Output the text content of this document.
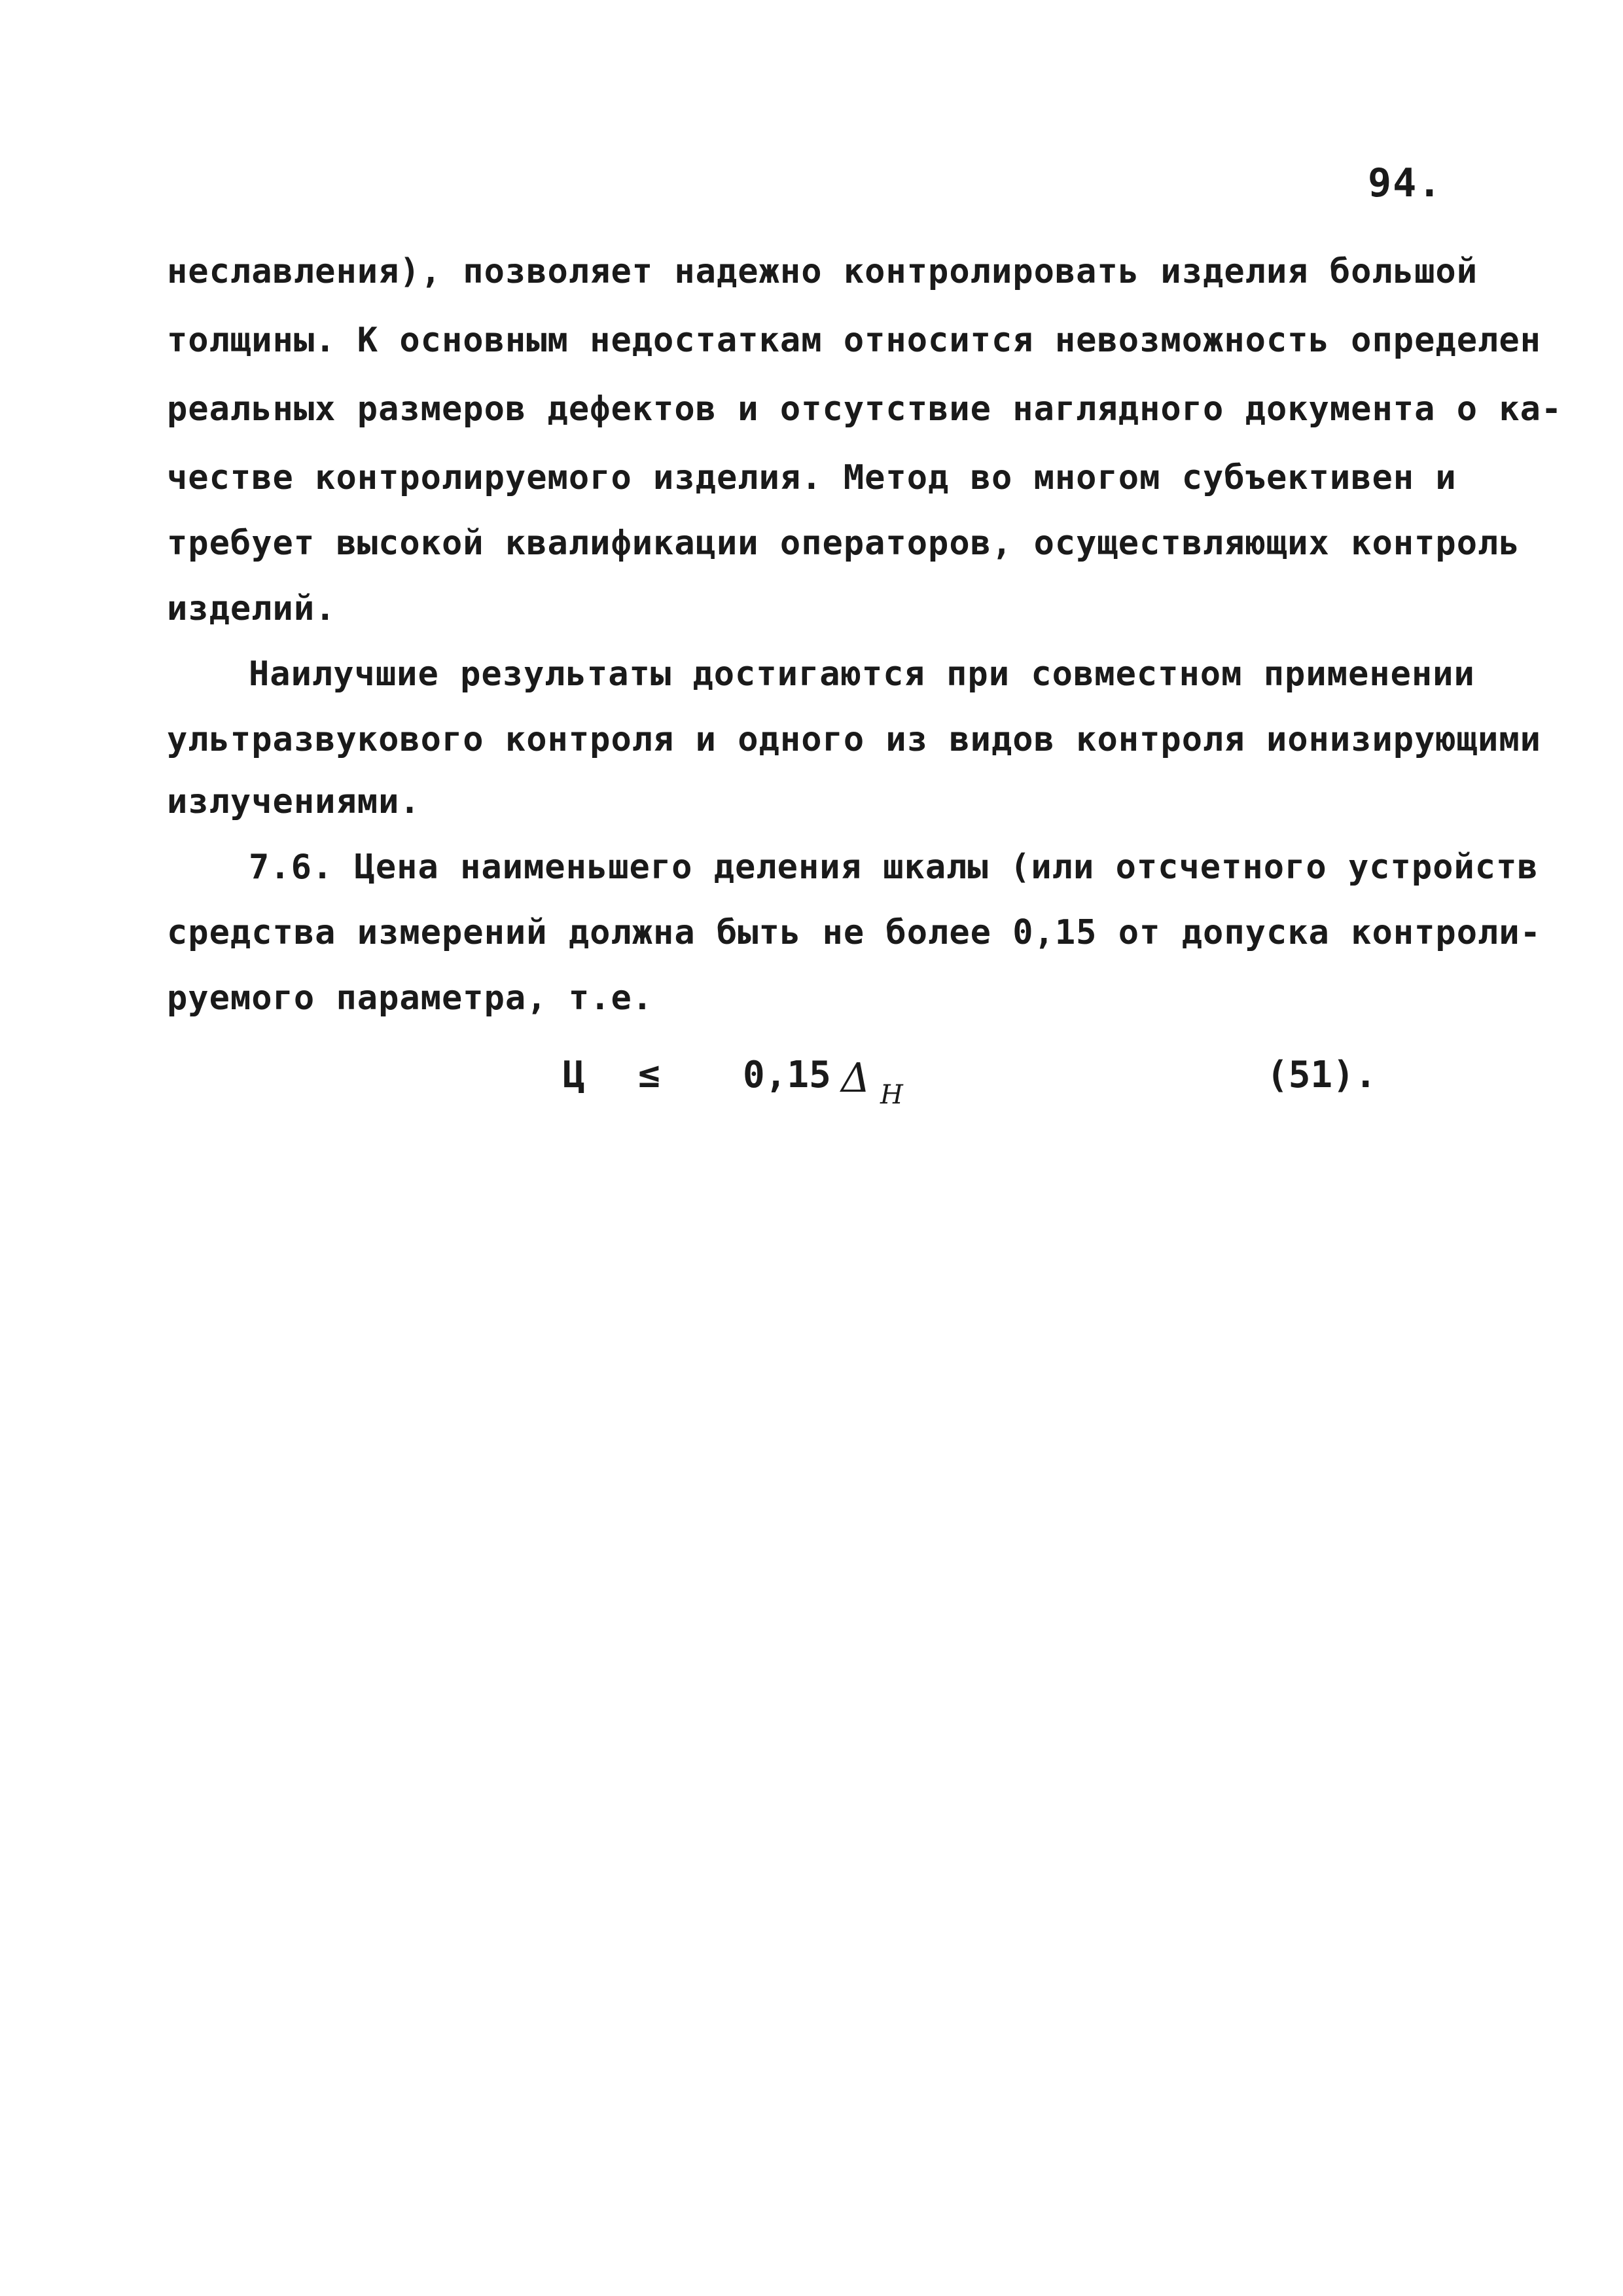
94.
неславления), позволяет надежно контролировать изделия большой
толщины. К основным недостаткам относится невозможность определен
реальных размеров дефектов и отсутствие наглядного документа о ка-
честве контролируемого изделия. Метод во многом субъективен и
требует высокой квалификации операторов, осуществляющих контроль
изделий.
Наилучшие результаты достигаются при совместном применении
ультразвукового контроля и одного из видов контроля ионизирующими
излучениями.
7.6. Цена наименьшего деления шкалы (или отсчетного устройств
средства измерений должна быть не более 0,15 от допуска контроли-
руемого параметра, т.е.
Ц ≤ 0,15 Δ Н	(51).
